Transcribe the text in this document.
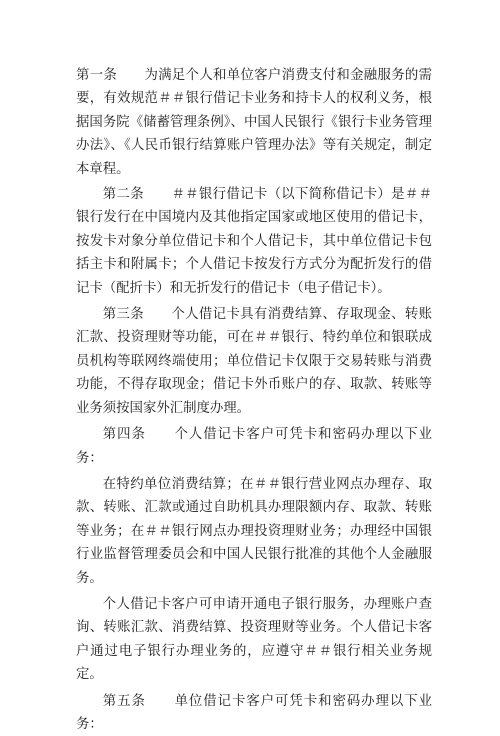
第一条　　为满足个人和单位客户消费支付和金融服务的需要，有效规范＃＃银行借记卡业务和持卡人的权利义务，根据国务院《储蓄管理条例》、中国人民银行《银行卡业务管理办法》、《人民币银行结算账户管理办法》等有关规定，制定本章程。

第二条　　＃＃银行借记卡（以下简称借记卡）是＃＃银行发行在中国境内及其他指定国家或地区使用的借记卡，按发卡对象分单位借记卡和个人借记卡，其中单位借记卡包括主卡和附属卡；个人借记卡按发行方式分为配折发行的借记卡（配折卡）和无折发行的借记卡（电子借记卡）。

第三条　　个人借记卡具有消费结算、存取现金、转账汇款、投资理财等功能，可在＃＃银行、特约单位和银联成员机构等联网终端使用；单位借记卡仅限于交易转账与消费功能，不得存取现金；借记卡外币账户的存、取款、转账等业务须按国家外汇制度办理。

第四条　　个人借记卡客户可凭卡和密码办理以下业务：

在特约单位消费结算；在＃＃银行营业网点办理存、取款、转账、汇款或通过自助机具办理限额内存、取款、转账等业务；在＃＃银行网点办理投资理财业务；办理经中国银行业监督管理委员会和中国人民银行批准的其他个人金融服务。

个人借记卡客户可申请开通电子银行服务，办理账户查询、转账汇款、消费结算、投资理财等业务。个人借记卡客户通过电子银行办理业务的，应遵守＃＃银行相关业务规定。

第五条　　单位借记卡客户可凭卡和密码办理以下业务：
